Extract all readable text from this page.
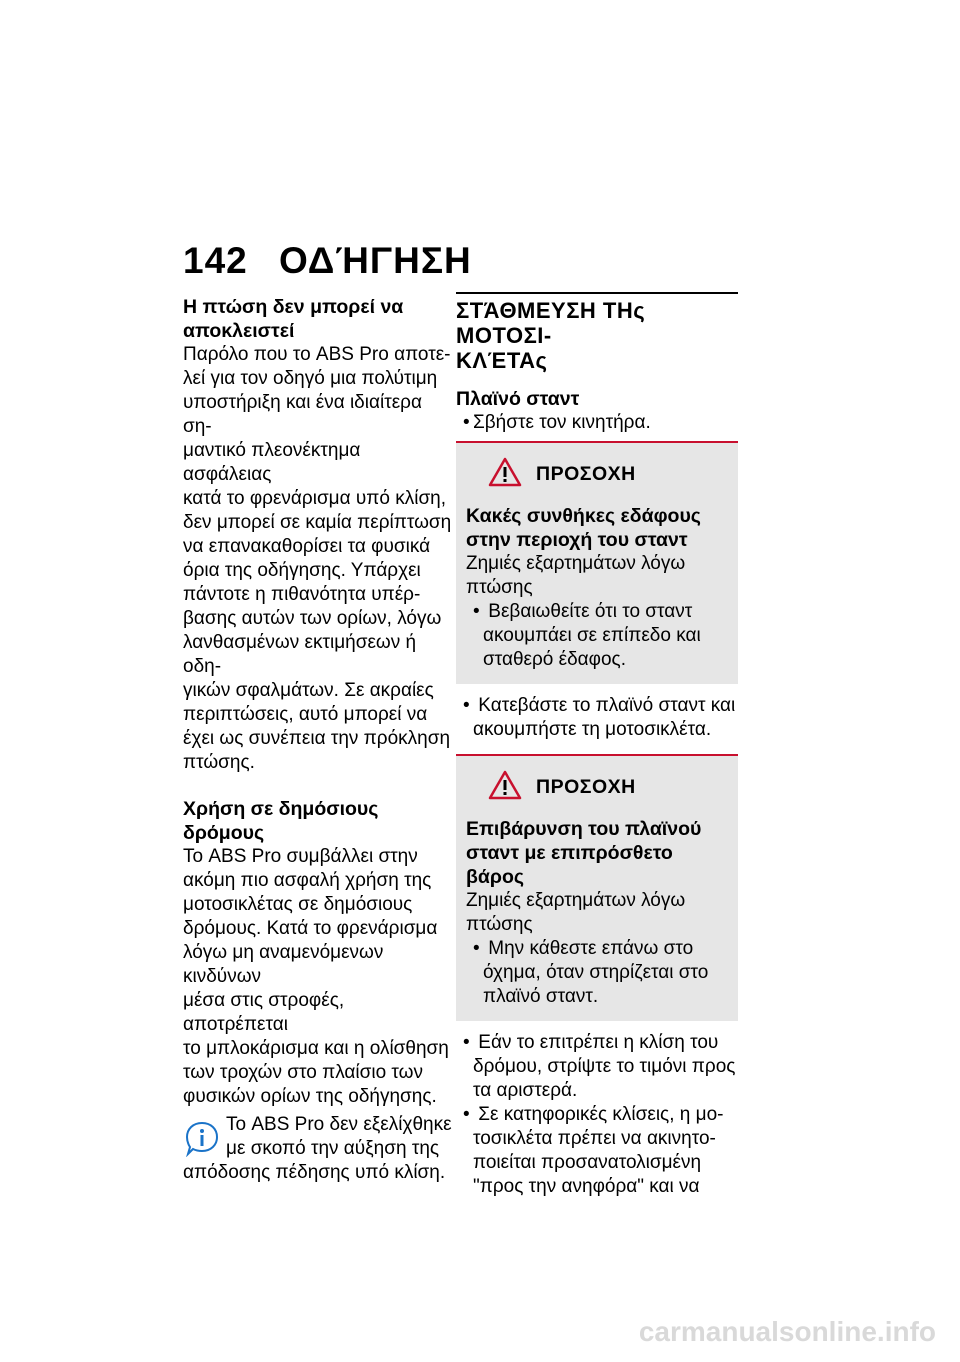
142 ΟΔΉΓΗΣΗ
Η πτώση δεν μπορεί να
αποκλειστεί
Παρόλο που το ABS Pro αποτε-
λεί για τον οδηγό μια πολύτιμη
υποστήριξη και ένα ιδιαίτερα ση-
μαντικό πλεονέκτημα ασφάλειας
κατά το φρενάρισμα υπό κλίση,
δεν μπορεί σε καμία περίπτωση
να επανακαθορίσει τα φυσικά
όρια της οδήγησης. Υπάρχει
πάντοτε η πιθανότητα υπέρ-
βασης αυτών των ορίων, λόγω
λανθασμένων εκτιμήσεων ή οδη-
γικών σφαλμάτων. Σε ακραίες
περιπτώσεις, αυτό μπορεί να
έχει ως συνέπεια την πρόκληση
πτώσης.
Χρήση σε δημόσιους
δρόμους
Το ABS Pro συμβάλλει στην
ακόμη πιο ασφαλή χρήση της
μοτοσικλέτας σε δημόσιους
δρόμους. Κατά το φρενάρισμα
λόγω μη αναμενόμενων κινδύνων
μέσα στις στροφές, αποτρέπεται
το μπλοκάρισμα και η ολίσθηση
των τροχών στο πλαίσιο των
φυσικών ορίων της οδήγησης.
Το ABS Pro δεν εξελίχθηκε
με σκοπό την αύξηση της
απόδοσης πέδησης υπό κλίση.
ΣΤΆΘΜΕΥΣΗ ΤΗς ΜΟΤΟΣΙ-
ΚΛΈΤΑς
Πλαϊνό σταντ
• Σβήστε τον κινητήρα.
ΠΡΟΣΟΧΗ
Κακές συνθήκες εδάφους
στην περιοχή του σταντ
Ζημιές εξαρτημάτων λόγω
πτώσης
• Βεβαιωθείτε ότι το σταντ
ακουμπάει σε επίπεδο και
σταθερό έδαφος.
• Κατεβάστε το πλαϊνό σταντ και
ακουμπήστε τη μοτοσικλέτα.
ΠΡΟΣΟΧΗ
Επιβάρυνση του πλαϊνού
σταντ με επιπρόσθετο
βάρος
Ζημιές εξαρτημάτων λόγω
πτώσης
• Μην κάθεστε επάνω στο
όχημα, όταν στηρίζεται στο
πλαϊνό σταντ.
• Εάν το επιτρέπει η κλίση του
δρόμου, στρίψτε το τιμόνι προς
τα αριστερά.
• Σε κατηφορικές κλίσεις, η μο-
τοσικλέτα πρέπει να ακινητο-
ποιείται προσανατολισμένη
"προς την ανηφόρα" και να
carmanualsonline.info
